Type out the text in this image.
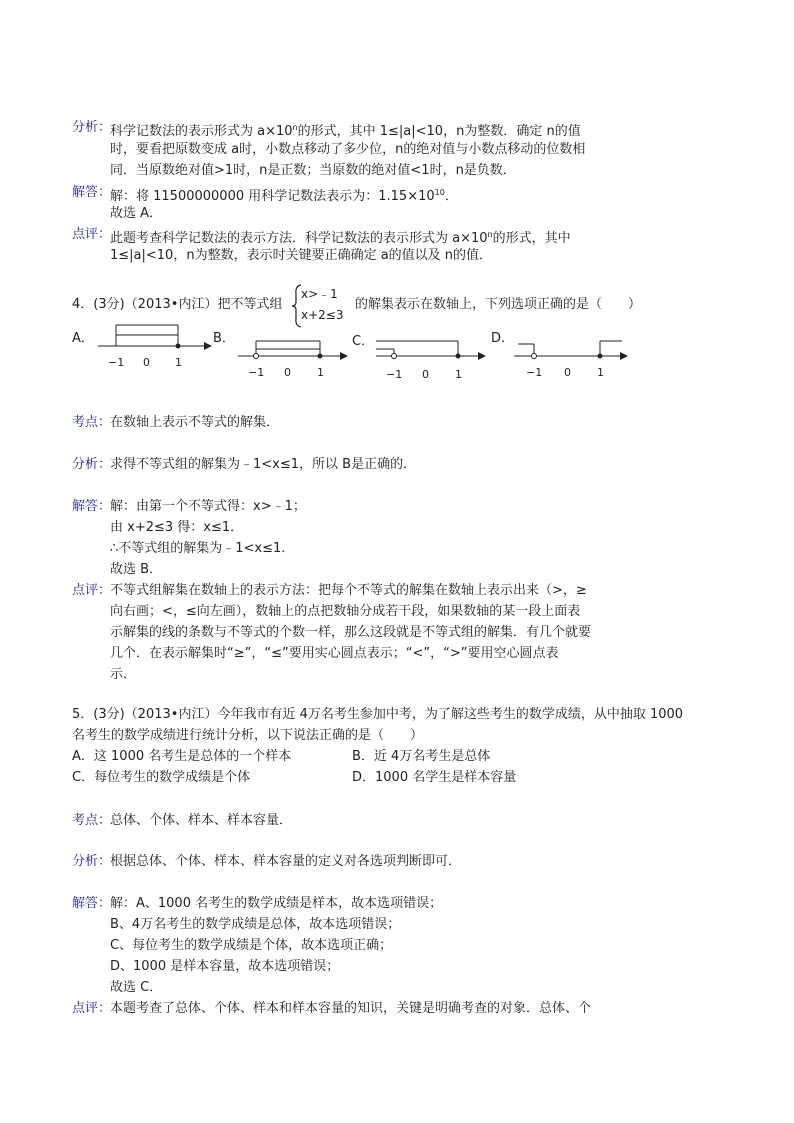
分析：
科学记数法的表示形式为 $a\times 10^n$的形式，其中 1≤|a|<10，n为整数．确定 n的值
时，要看把原数变成 a时，小数点移动了多少位，n的绝对值与小数点移动的位数相
同．当原数绝对值>1时，n是正数；当原数的绝对值<1时，n是负数．
解答：
解：将 11500000000 用科学记数法表示为：$1.15\times 10^{10}$．
故选 A．
点评：
此题考查科学记数法的表示方法．科学记数法的表示形式为 $a\times 10^n$的形式，其中
1≤|a|<10，n为整数，表示时关键要正确确定 a的值以及 n的值．
4．(3分)（2013•内江）把不等式组
x>﹣1
x+2≤3
的解集表示在数轴上，下列选项正确的是（　　）
A．
−1 0 1
B．
−1 0 1
C．
−1 0 1
D．
−1 0 1
考点：
在数轴上表示不等式的解集．
分析：
求得不等式组的解集为﹣1<x≤1，所以 B是正确的．
解答：
解：由第一个不等式得：x>﹣1；
由 x+2≤3 得：x≤1．
∴不等式组的解集为﹣1<x≤1．
故选 B．
点评：
不等式组解集在数轴上的表示方法：把每个不等式的解集在数轴上表示出来（>，≥
向右画；<，≤向左画），数轴上的点把数轴分成若干段，如果数轴的某一段上面表
示解集的线的条数与不等式的个数一样，那么这段就是不等式组的解集．有几个就要
几个．在表示解集时“≥”，“≤”要用实心圆点表示；“<”，“>”要用空心圆点表
示．
5．(3分)（2013•内江）今年我市有近 4万名考生参加中考，为了解这些考生的数学成绩，从中抽取 1000
名考生的数学成绩进行统计分析，以下说法正确的是（　　）
A．这 1000 名考生是总体的一个样本	B．近 4万名考生是总体
C．每位考生的数学成绩是个体	D．1000 名学生是样本容量
考点：
总体、个体、样本、样本容量．
分析：
根据总体、个体、样本、样本容量的定义对各选项判断即可．
解答：
解：A、1000 名考生的数学成绩是样本，故本选项错误；
B、4万名考生的数学成绩是总体，故本选项错误；
C、每位考生的数学成绩是个体，故本选项正确；
D、1000 是样本容量，故本选项错误；
故选 C．
点评：
本题考查了总体、个体、样本和样本容量的知识，关键是明确考查的对象．总体、个
